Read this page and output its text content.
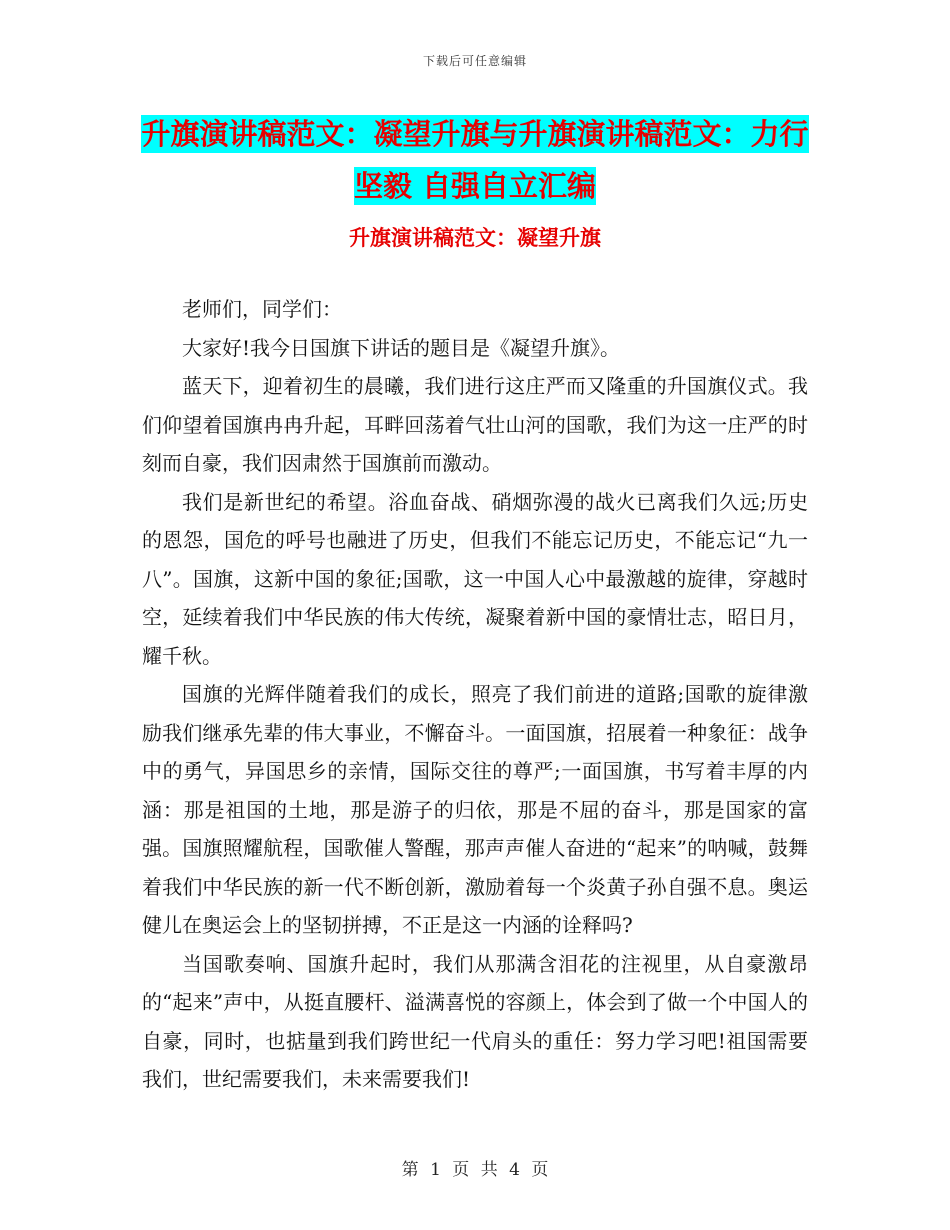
下载后可任意编辑
升旗演讲稿范文：凝望升旗与升旗演讲稿范文：力行
坚毅 自强自立汇编
升旗演讲稿范文：凝望升旗

老师们，同学们：

大家好!我今日国旗下讲话的题目是《凝望升旗》。

蓝天下，迎着初生的晨曦，我们进行这庄严而又隆重的升国旗仪式。我们仰望着国旗冉冉升起，耳畔回荡着气壮山河的国歌，我们为这一庄严的时刻而自豪，我们因肃然于国旗前而激动。

我们是新世纪的希望。浴血奋战、硝烟弥漫的战火已离我们久远;历史的恩怨，国危的呼号也融进了历史，但我们不能忘记历史，不能忘记“九一八”。国旗，这新中国的象征;国歌，这一中国人心中最激越的旋律，穿越时空，延续着我们中华民族的伟大传统，凝聚着新中国的豪情壮志，昭日月，耀千秋。

国旗的光辉伴随着我们的成长，照亮了我们前进的道路;国歌的旋律激励我们继承先辈的伟大事业，不懈奋斗。一面国旗，招展着一种象征：战争中的勇气，异国思乡的亲情，国际交往的尊严;一面国旗，书写着丰厚的内涵：那是祖国的土地，那是游子的归依，那是不屈的奋斗，那是国家的富强。国旗照耀航程，国歌催人警醒，那声声催人奋进的“起来”的呐喊，鼓舞着我们中华民族的新一代不断创新，激励着每一个炎黄子孙自强不息。奥运健儿在奥运会上的坚韧拼搏，不正是这一内涵的诠释吗?

当国歌奏响、国旗升起时，我们从那满含泪花的注视里，从自豪激昂的“起来”声中，从挺直腰杆、溢满喜悦的容颜上，体会到了做一个中国人的自豪，同时，也掂量到我们跨世纪一代肩头的重任：努力学习吧!祖国需要我们，世纪需要我们，未来需要我们!

第 1 页 共 4 页
